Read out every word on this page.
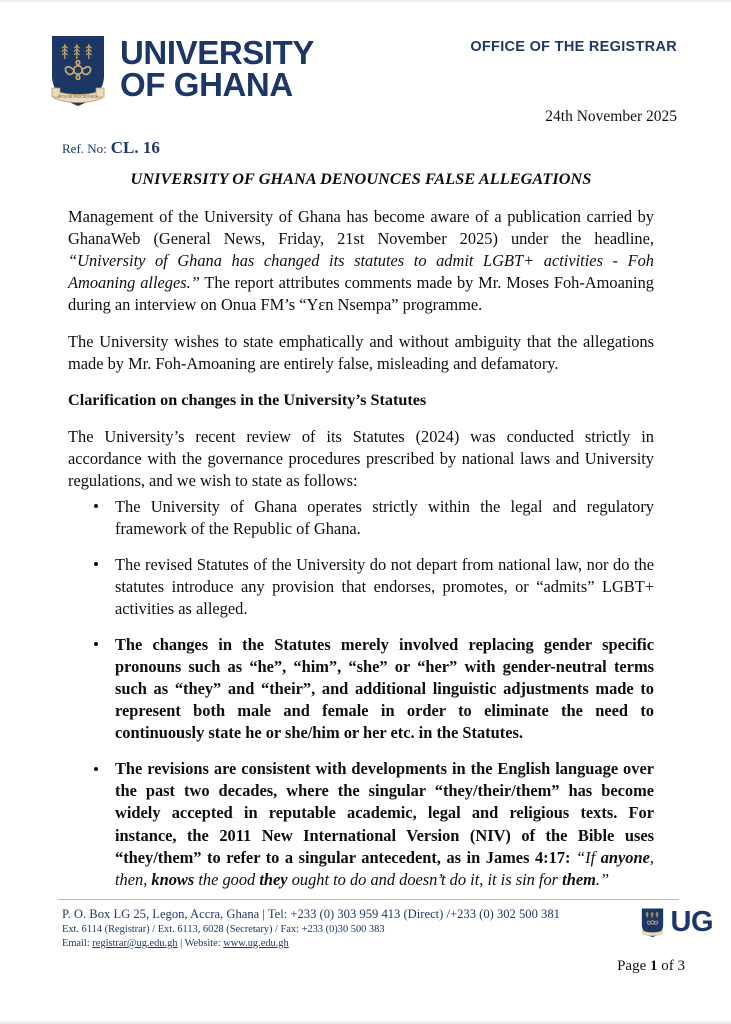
INTEGRI PROCEDAMUS
UNIVERSITY
OF GHANA
OFFICE OF THE REGISTRAR
24th November 2025
Ref. No: CL. 16
UNIVERSITY OF GHANA DENOUNCES FALSE ALLEGATIONS

Management of the University of Ghana has become aware of a publication carried by GhanaWeb (General News, Friday, 21st November 2025) under the headline, “University of Ghana has changed its statutes to admit LGBT+ activities - Foh Amoaning alleges.” The report attributes comments made by Mr. Moses Foh-Amoaning during an interview on Onua FM’s “Yɛn Nsempa” programme.

The University wishes to state emphatically and without ambiguity that the allegations made by Mr. Foh-Amoaning are entirely false, misleading and defamatory.

Clarification on changes in the University’s Statutes

The University’s recent review of its Statutes (2024) was conducted strictly in accordance with the governance procedures prescribed by national laws and University regulations, and we wish to state as follows:

The University of Ghana operates strictly within the legal and regulatory framework of the Republic of Ghana.
The revised Statutes of the University do not depart from national law, nor do the statutes introduce any provision that endorses, promotes, or “admits” LGBT+ activities as alleged.
The changes in the Statutes merely involved replacing gender specific pronouns such as “he”, “him”, “she” or “her” with gender-neutral terms such as “they” and “their”, and additional linguistic adjustments made to represent both male and female in order to eliminate the need to continuously state he or she/him or her etc. in the Statutes.
The revisions are consistent with developments in the English language over the past two decades, where the singular “they/their/them” has become widely accepted in reputable academic, legal and religious texts. For instance, the 2011 New International Version (NIV) of the Bible uses “they/them” to refer to a singular antecedent, as in James 4:17: “If anyone, then, knows the good they ought to do and doesn’t do it, it is sin for them.”
P. O. Box LG 25, Legon, Accra, Ghana | Tel: +233 (0) 303 959 413 (Direct) /+233 (0) 302 500 381
Ext. 6114 (Registrar) / Ext. 6113, 6028 (Secretary) / Fax: +233 (0)30 500 383
Email: registrar@ug.edu.gh | Website: www.ug.edu.gh
UG
Page 1 of 3
